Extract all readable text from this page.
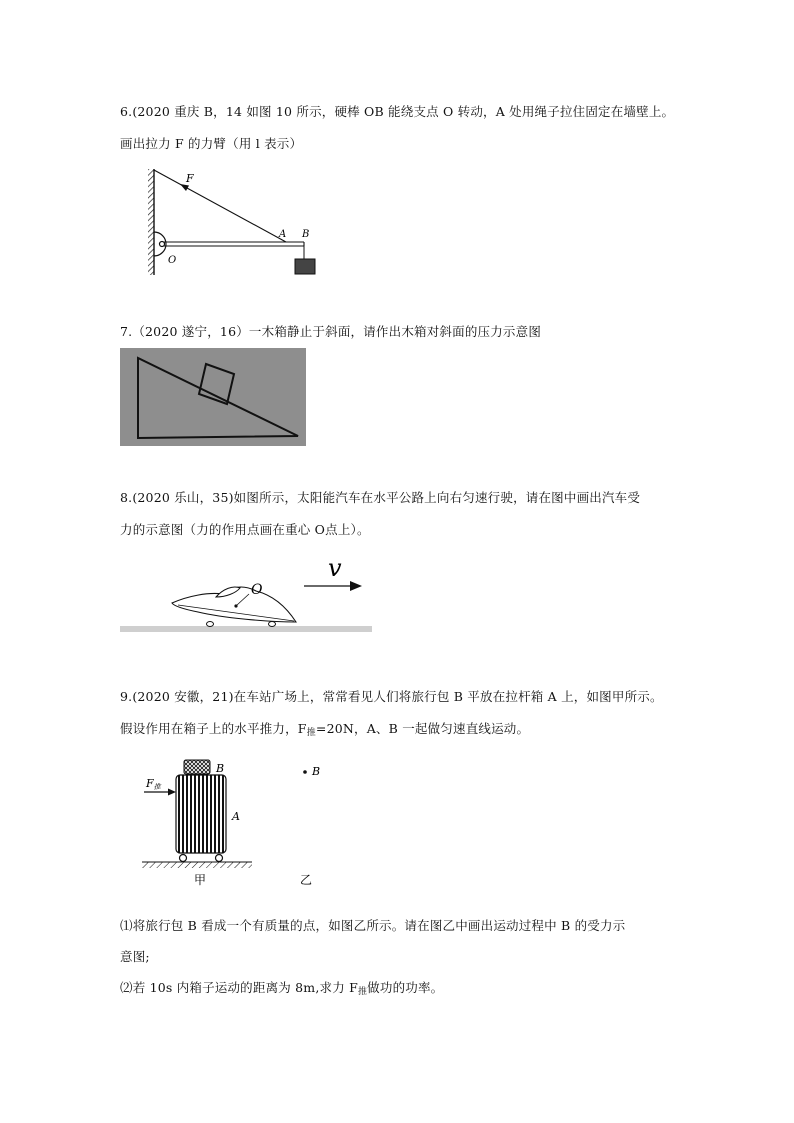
6.(2020 重庆 B，14 如图 10 所示，硬棒 OB 能绕支点 O 转动，A 处用绳子拉住固定在墙壁上。
画出拉力 F 的力臂（用 l 表示）
F
A B
O
7.（2020 遂宁，16）一木箱静止于斜面，请作出木箱对斜面的压力示意图
8.(2020 乐山，35)如图所示，太阳能汽车在水平公路上向右匀速行驶，请在图中画出汽车受
力的示意图（力的作用点画在重心 O点上）。
O
v
9.(2020 安徽，21)在车站广场上，常常看见人们将旅行包 B 平放在拉杆箱 A 上，如图甲所示。
假设作用在箱子上的水平推力，$F_推=20N$，A、B 一起做匀速直线运动。
B
A
F推
甲	乙
B
⑴将旅行包 B 看成一个有质量的点，如图乙所示。请在图乙中画出运动过程中 B 的受力示
意图;
⑵若 10s 内箱子运动的距离为 8m,求力 $F_推$做功的功率。
